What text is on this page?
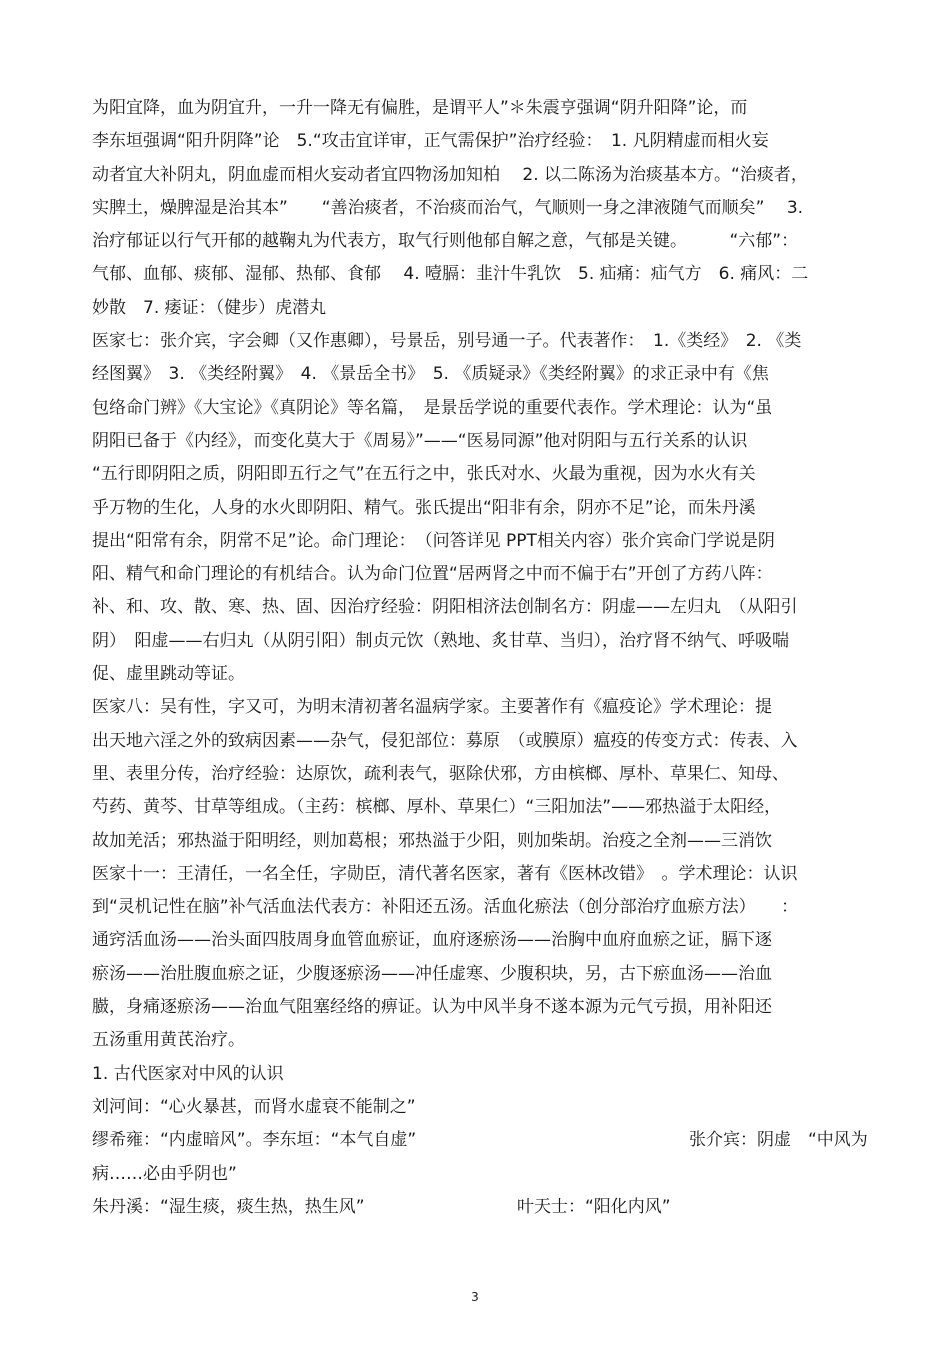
为阳宜降，血为阴宜升，一升一降无有偏胜，是谓平人”＊朱震亨强调“阴升阳降”论，而
李东垣强调“阳升阴降”论　5.“攻击宜详审，正气需保护”治疗经验：　1. 凡阴精虚而相火妄
动者宜大补阴丸，阴血虚而相火妄动者宜四物汤加知柏　 2. 以二陈汤为治痰基本方。“治痰者，
实脾土，燥脾湿是治其本”　　“善治痰者，不治痰而治气，气顺则一身之津液随气而顺矣”　 3.
治疗郁证以行气开郁的越鞠丸为代表方，取气行则他郁自解之意，气郁是关键。　　　“六郁”：
气郁、血郁、痰郁、湿郁、热郁、食郁　 4. 噎膈：韭汁牛乳饮　5. 疝痛：疝气方　6. 痛风：二
妙散　7. 痿证：（健步）虎潜丸
医家七：张介宾，字会卿（又作惠卿），号景岳，别号通一子。代表著作：　1.《类经》　2. 《类
经图翼》　3. 《类经附翼》　4. 《景岳全书》　5. 《质疑录》《类经附翼》的求正录中有《焦
包络命门辨》《大宝论》《真阴论》等名篇，　是景岳学说的重要代表作。学术理论：认为“虽
阴阳已备于《内经》，而变化莫大于《周易》”——“医易同源”他对阴阳与五行关系的认识
“五行即阴阳之质，阴阳即五行之气”在五行之中，张氏对水、火最为重视，因为水火有关
乎万物的生化，人身的水火即阴阳、精气。张氏提出“阳非有余，阴亦不足”论，而朱丹溪
提出“阳常有余，阴常不足”论。命门理论：　（问答详见 PPT相关内容）张介宾命门学说是阴
阳、精气和命门理论的有机结合。认为命门位置“居两肾之中而不偏于右”开创了方药八阵：
补、和、攻、散、寒、热、固、因治疗经验：阴阳相济法创制名方：阴虚——左归丸　（从阳引
阴）　阳虚——右归丸（从阴引阳）制贞元饮（熟地、炙甘草、当归），治疗肾不纳气、呼吸喘
促、虚里跳动等证。
医家八：吴有性，字又可，为明末清初著名温病学家。主要著作有《瘟疫论》学术理论：提
出天地六淫之外的致病因素——杂气，侵犯部位：募原　（或膜原）瘟疫的传变方式：传表、入
里、表里分传，治疗经验：达原饮，疏利表气，驱除伏邪，方由槟榔、厚朴、草果仁、知母、
芍药、黄芩、甘草等组成。（主药：槟榔、厚朴、草果仁）“三阳加法”——邪热溢于太阳经，
故加羌活；邪热溢于阳明经，则加葛根；邪热溢于少阳，则加柴胡。治疫之全剂——三消饮
医家十一：王清任，一名全任，字勋臣，清代著名医家，著有《医林改错》　。学术理论：认识
到“灵机记性在脑”补气活血法代表方：补阳还五汤。活血化瘀法（创分部治疗血瘀方法）　　：
通窍活血汤——治头面四肢周身血管血瘀证，血府逐瘀汤——治胸中血府血瘀之证，膈下逐
瘀汤——治肚腹血瘀之证，少腹逐瘀汤——冲任虚寒、少腹积块，另，古下瘀血汤——治血
臌，身痛逐瘀汤——治血气阻塞经络的痹证。认为中风半身不遂本源为元气亏损，用补阳还
五汤重用黄芪治疗。
1. 古代医家对中风的认识
刘河间：“心火暴甚，而肾水虚衰不能制之”
缪希雍：“内虚暗风”。李东垣：“本气自虚”	张介宾：阴虚　“中风为
病……必由乎阴也”
朱丹溪：“湿生痰，痰生热，热生风”	叶天士：“阳化内风”
3
